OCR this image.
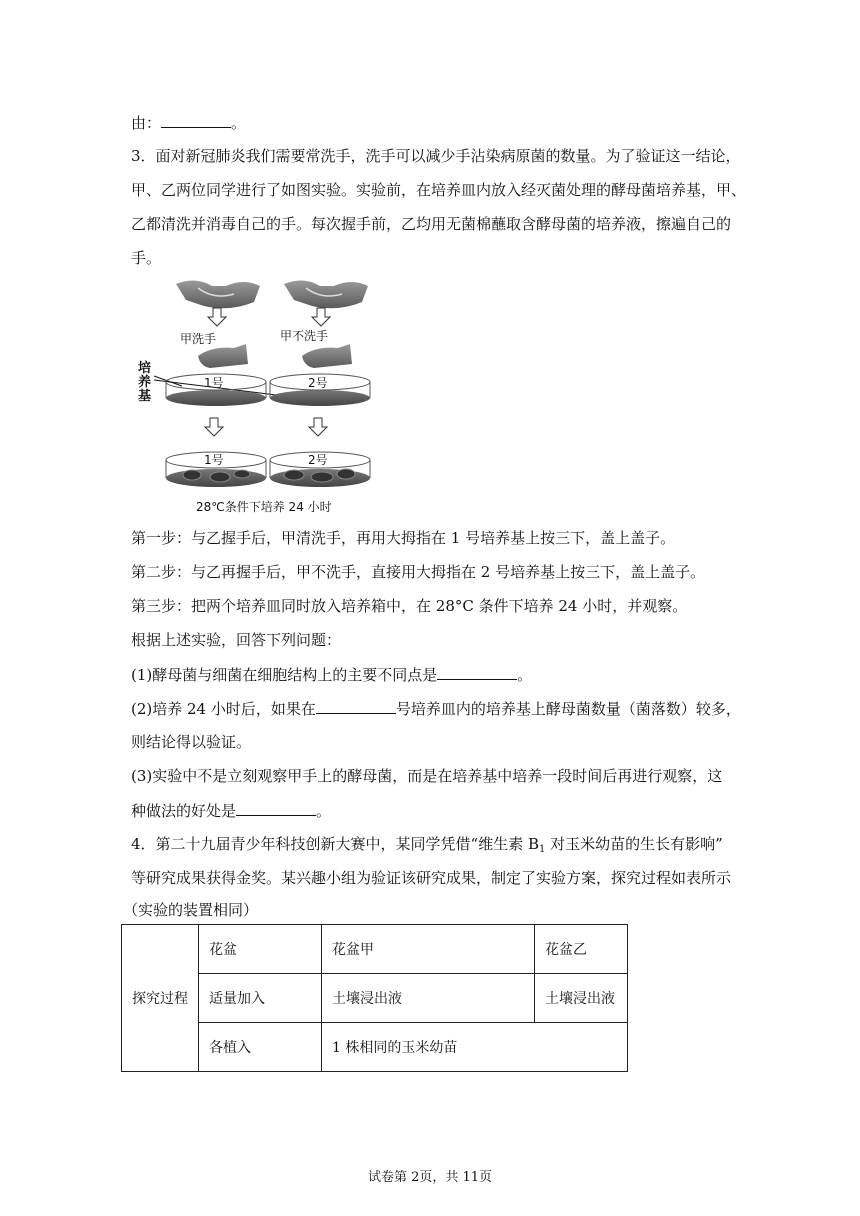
由：	。
3．面对新冠肺炎我们需要常洗手，洗手可以减少手沾染病原菌的数量。为了验证这一结论，
甲、乙两位同学进行了如图实验。实验前，在培养皿内放入经灭菌处理的酵母菌培养基，甲、
乙都清洗并消毒自己的手。每次握手前，乙均用无菌棉蘸取含酵母菌的培养液，擦遍自己的
手。
甲洗手	甲不洗手
培
养
基
1号	2号
1号	2号
28℃条件下培养 24 小时
第一步：与乙握手后，甲清洗手，再用大拇指在 1 号培养基上按三下，盖上盖子。
第二步：与乙再握手后，甲不洗手，直接用大拇指在 2 号培养基上按三下，盖上盖子。
第三步：把两个培养皿同时放入培养箱中，在 28°C 条件下培养 24 小时，并观察。
根据上述实验，回答下列问题：
(1)酵母菌与细菌在细胞结构上的主要不同点是	。
(2)培养 24 小时后，如果在	号培养皿内的培养基上酵母菌数量（菌落数）较多，
则结论得以验证。
(3)实验中不是立刻观察甲手上的酵母菌，而是在培养基中培养一段时间后再进行观察，这
种做法的好处是	。
4．第二十九届青少年科技创新大赛中，某同学凭借“维生素 $B_1$ 对玉米幼苗的生长有影响”
等研究成果获得金奖。某兴趣小组为验证该研究成果，制定了实验方案，探究过程如表所示
（实验的装置相同）
探究过程	花盆	花盆甲	花盆乙
	适量加入	土壤浸出液	土壤浸出液
	各植入	1 株相同的玉米幼苗	
试卷第 2页，共 11页
